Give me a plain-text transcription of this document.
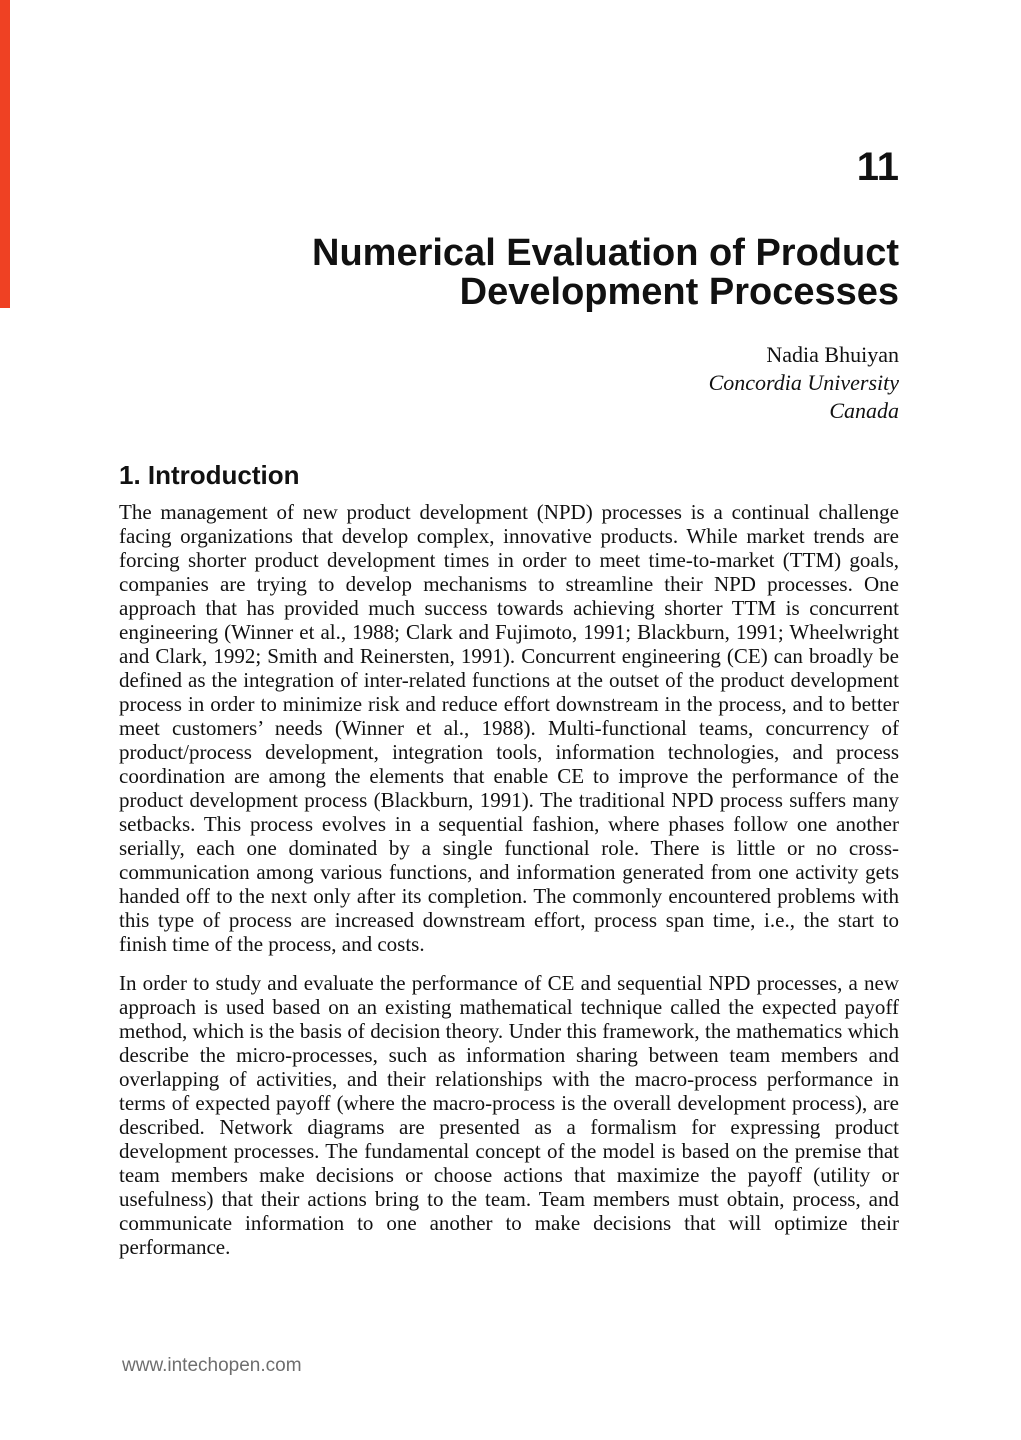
11
Numerical Evaluation of Product
Development Processes
Nadia Bhuiyan
Concordia University
Canada
1. Introduction

The management of new product development (NPD) processes is a continual challenge facing organizations that develop complex, innovative products. While market trends are forcing shorter product development times in order to meet time-to-market (TTM) goals, companies are trying to develop mechanisms to streamline their NPD processes. One approach that has provided much success towards achieving shorter TTM is concurrent engineering (Winner et al., 1988; Clark and Fujimoto, 1991; Blackburn, 1991; Wheelwright and Clark, 1992; Smith and Reinersten, 1991). Concurrent engineering (CE) can broadly be defined as the integration of inter-related functions at the outset of the product development process in order to minimize risk and reduce effort downstream in the process, and to better meet customers’ needs (Winner et al., 1988). Multi-functional teams, concurrency of product/process development, integration tools, information technologies, and process coordination are among the elements that enable CE to improve the performance of the product development process (Blackburn, 1991). The traditional NPD process suffers many setbacks. This process evolves in a sequential fashion, where phases follow one another serially, each one dominated by a single functional role. There is little or no cross-communication among various functions, and information generated from one activity gets handed off to the next only after its completion. The commonly encountered problems with this type of process are increased downstream effort, process span time, i.e., the start to finish time of the process, and costs.

In order to study and evaluate the performance of CE and sequential NPD processes, a new approach is used based on an existing mathematical technique called the expected payoff method, which is the basis of decision theory. Under this framework, the mathematics which describe the micro-processes, such as information sharing between team members and overlapping of activities, and their relationships with the macro-process performance in terms of expected payoff (where the macro-process is the overall development process), are described. Network diagrams are presented as a formalism for expressing product development processes. The fundamental concept of the model is based on the premise that team members make decisions or choose actions that maximize the payoff (utility or usefulness) that their actions bring to the team. Team members must obtain, process, and communicate information to one another to make decisions that will optimize their performance.

www.intechopen.com
